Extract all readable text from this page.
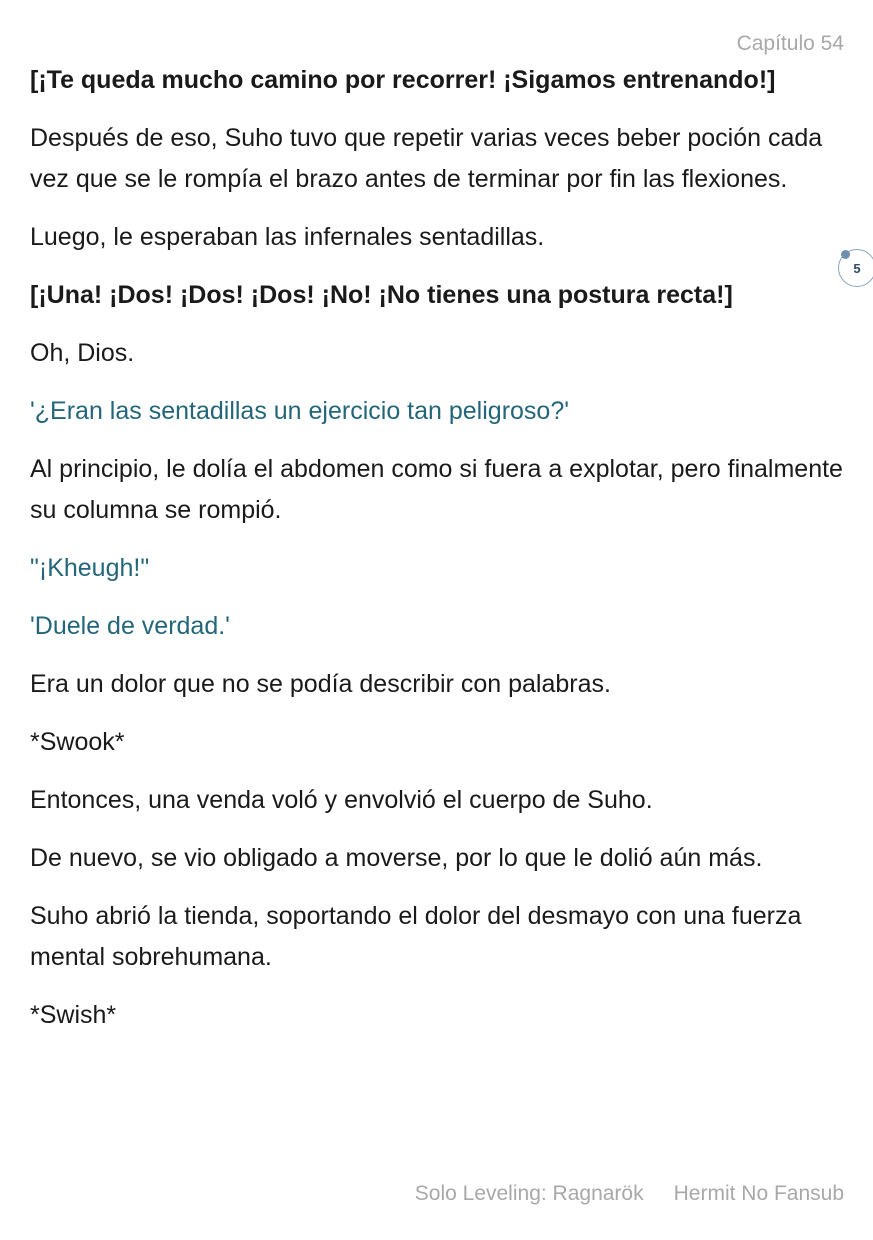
Capítulo 54

[¡Te queda mucho camino por recorrer! ¡Sigamos entrenando!]

Después de eso, Suho tuvo que repetir varias veces beber poción cada vez que se le rompía el brazo antes de terminar por fin las flexiones.

Luego, le esperaban las infernales sentadillas.

[¡Una! ¡Dos! ¡Dos! ¡Dos! ¡No! ¡No tienes una postura recta!]

Oh, Dios.

'¿Eran las sentadillas un ejercicio tan peligroso?'

Al principio, le dolía el abdomen como si fuera a explotar, pero finalmente su columna se rompió.

"¡Kheugh!"

'Duele de verdad.'

Era un dolor que no se podía describir con palabras.

*Swook*

Entonces, una venda voló y envolvió el cuerpo de Suho.

De nuevo, se vio obligado a moverse, por lo que le dolió aún más.

Suho abrió la tienda, soportando el dolor del desmayo con una fuerza mental sobrehumana.

*Swish*

5
Solo Leveling: Ragnarök Hermit No Fansub
